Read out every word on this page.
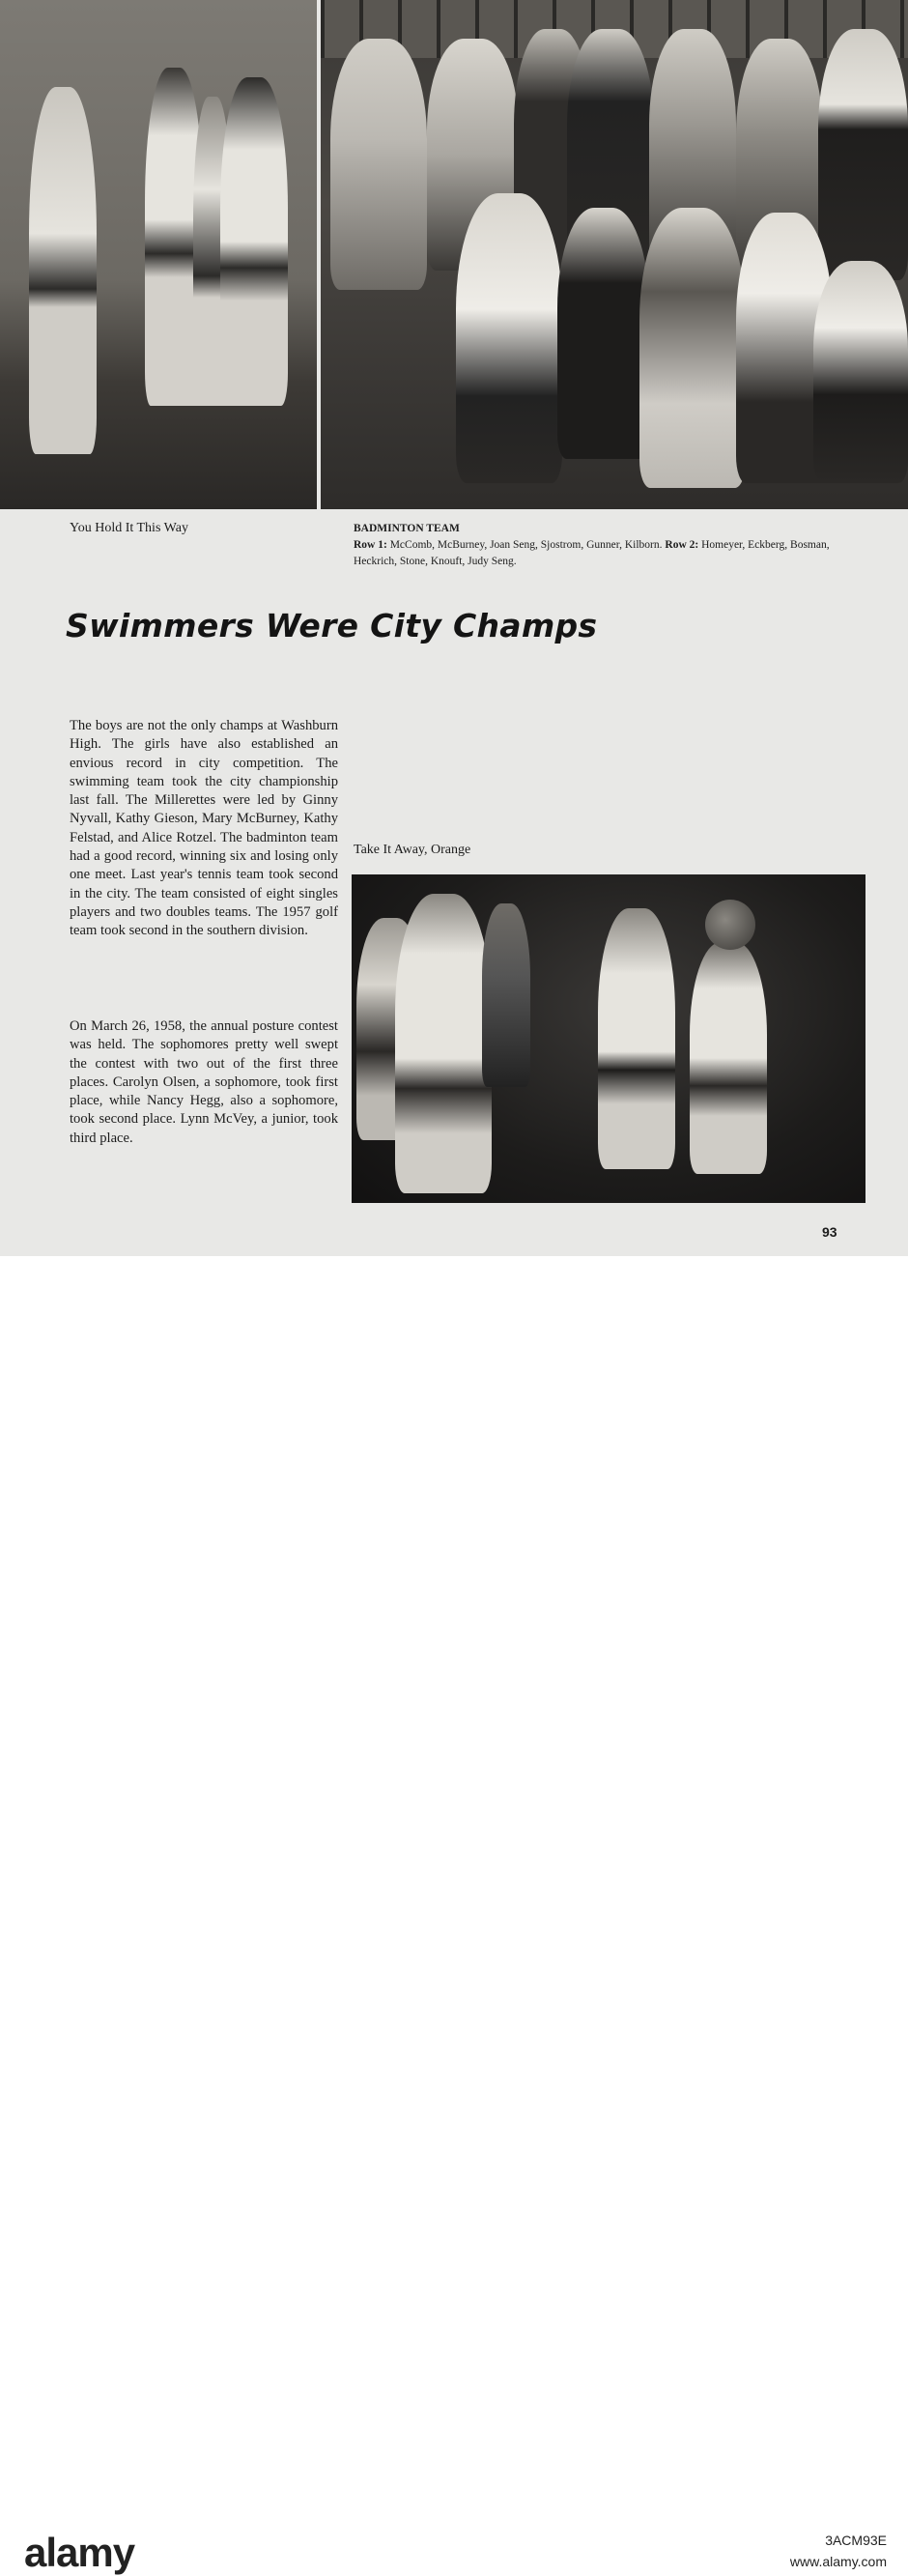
You Hold It This Way	BADMINTON TEAM
Row 1: McComb, McBurney, Joan Seng, Sjostrom, Gunner, Kilborn. Row 2: Homeyer, Eckberg, Bosman, Heckrich, Stone, Knouft, Judy Seng.
Swimmers Were City Champs

The boys are not the only champs at Washburn High. The girls have also established an envious record in city competition. The swimming team took the city championship last fall. The Millerettes were led by Ginny Nyvall, Kathy Gieson, Mary McBurney, Kathy Felstad, and Alice Rotzel. The badminton team had a good record, winning six and losing only one meet. Last year's tennis team took second in the city. The team consisted of eight singles players and two doubles teams. The 1957 golf team took second in the southern division.

On March 26, 1958, the annual posture contest was held. The sophomores pretty well swept the contest with two out of the first three places. Carolyn Olsen, a sophomore, took first place, while Nancy Hegg, also a sophomore, took second place. Lynn McVey, a junior, took third place.

Take It Away, Orange
93
alamy	3ACM93E
www.alamy.com
